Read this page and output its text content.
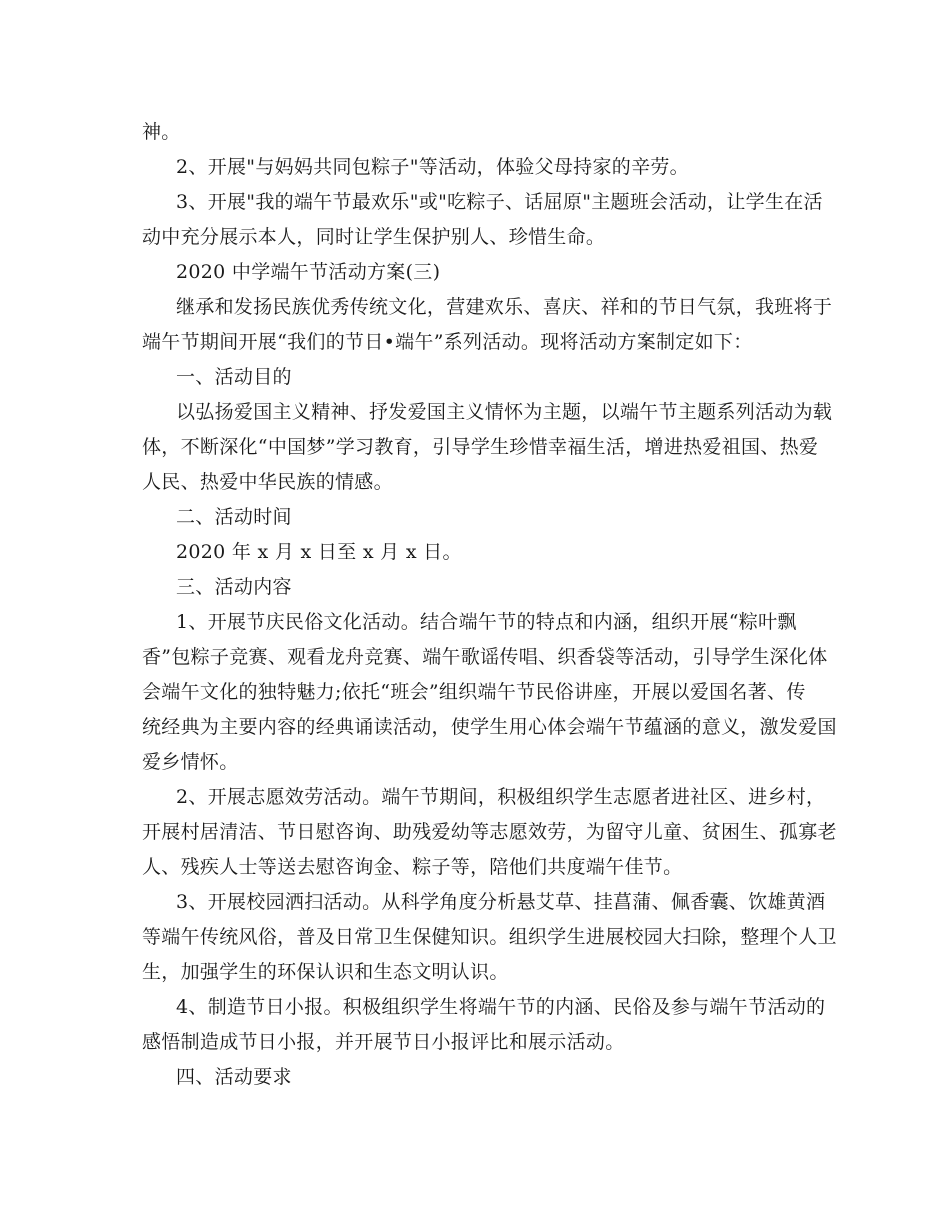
神。
2、开展"与妈妈共同包粽子"等活动，体验父母持家的辛劳。
3、开展"我的端午节最欢乐"或"吃粽子、话屈原"主题班会活动，让学生在活
动中充分展示本人，同时让学生保护别人、珍惜生命。
2020 中学端午节活动方案(三)
继承和发扬民族优秀传统文化，营建欢乐、喜庆、祥和的节日气氛，我班将于
端午节期间开展“我们的节日•端午”系列活动。现将活动方案制定如下：
一、活动目的
以弘扬爱国主义精神、抒发爱国主义情怀为主题，以端午节主题系列活动为载
体，不断深化“中国梦”学习教育，引导学生珍惜幸福生活，增进热爱祖国、热爱
人民、热爱中华民族的情感。
二、活动时间
2020 年 x 月 x 日至 x 月 x 日。
三、活动内容
1、开展节庆民俗文化活动。结合端午节的特点和内涵，组织开展“粽叶飘
香”包粽子竞赛、观看龙舟竞赛、端午歌谣传唱、织香袋等活动，引导学生深化体
会端午文化的独特魅力;依托“班会”组织端午节民俗讲座，开展以爱国名著、传
统经典为主要内容的经典诵读活动，使学生用心体会端午节蕴涵的意义，激发爱国
爱乡情怀。
2、开展志愿效劳活动。端午节期间，积极组织学生志愿者进社区、进乡村，
开展村居清洁、节日慰咨询、助残爱幼等志愿效劳，为留守儿童、贫困生、孤寡老
人、残疾人士等送去慰咨询金、粽子等，陪他们共度端午佳节。
3、开展校园洒扫活动。从科学角度分析悬艾草、挂菖蒲、佩香囊、饮雄黄酒
等端午传统风俗，普及日常卫生保健知识。组织学生进展校园大扫除，整理个人卫
生，加强学生的环保认识和生态文明认识。
4、制造节日小报。积极组织学生将端午节的内涵、民俗及参与端午节活动的
感悟制造成节日小报，并开展节日小报评比和展示活动。
四、活动要求
